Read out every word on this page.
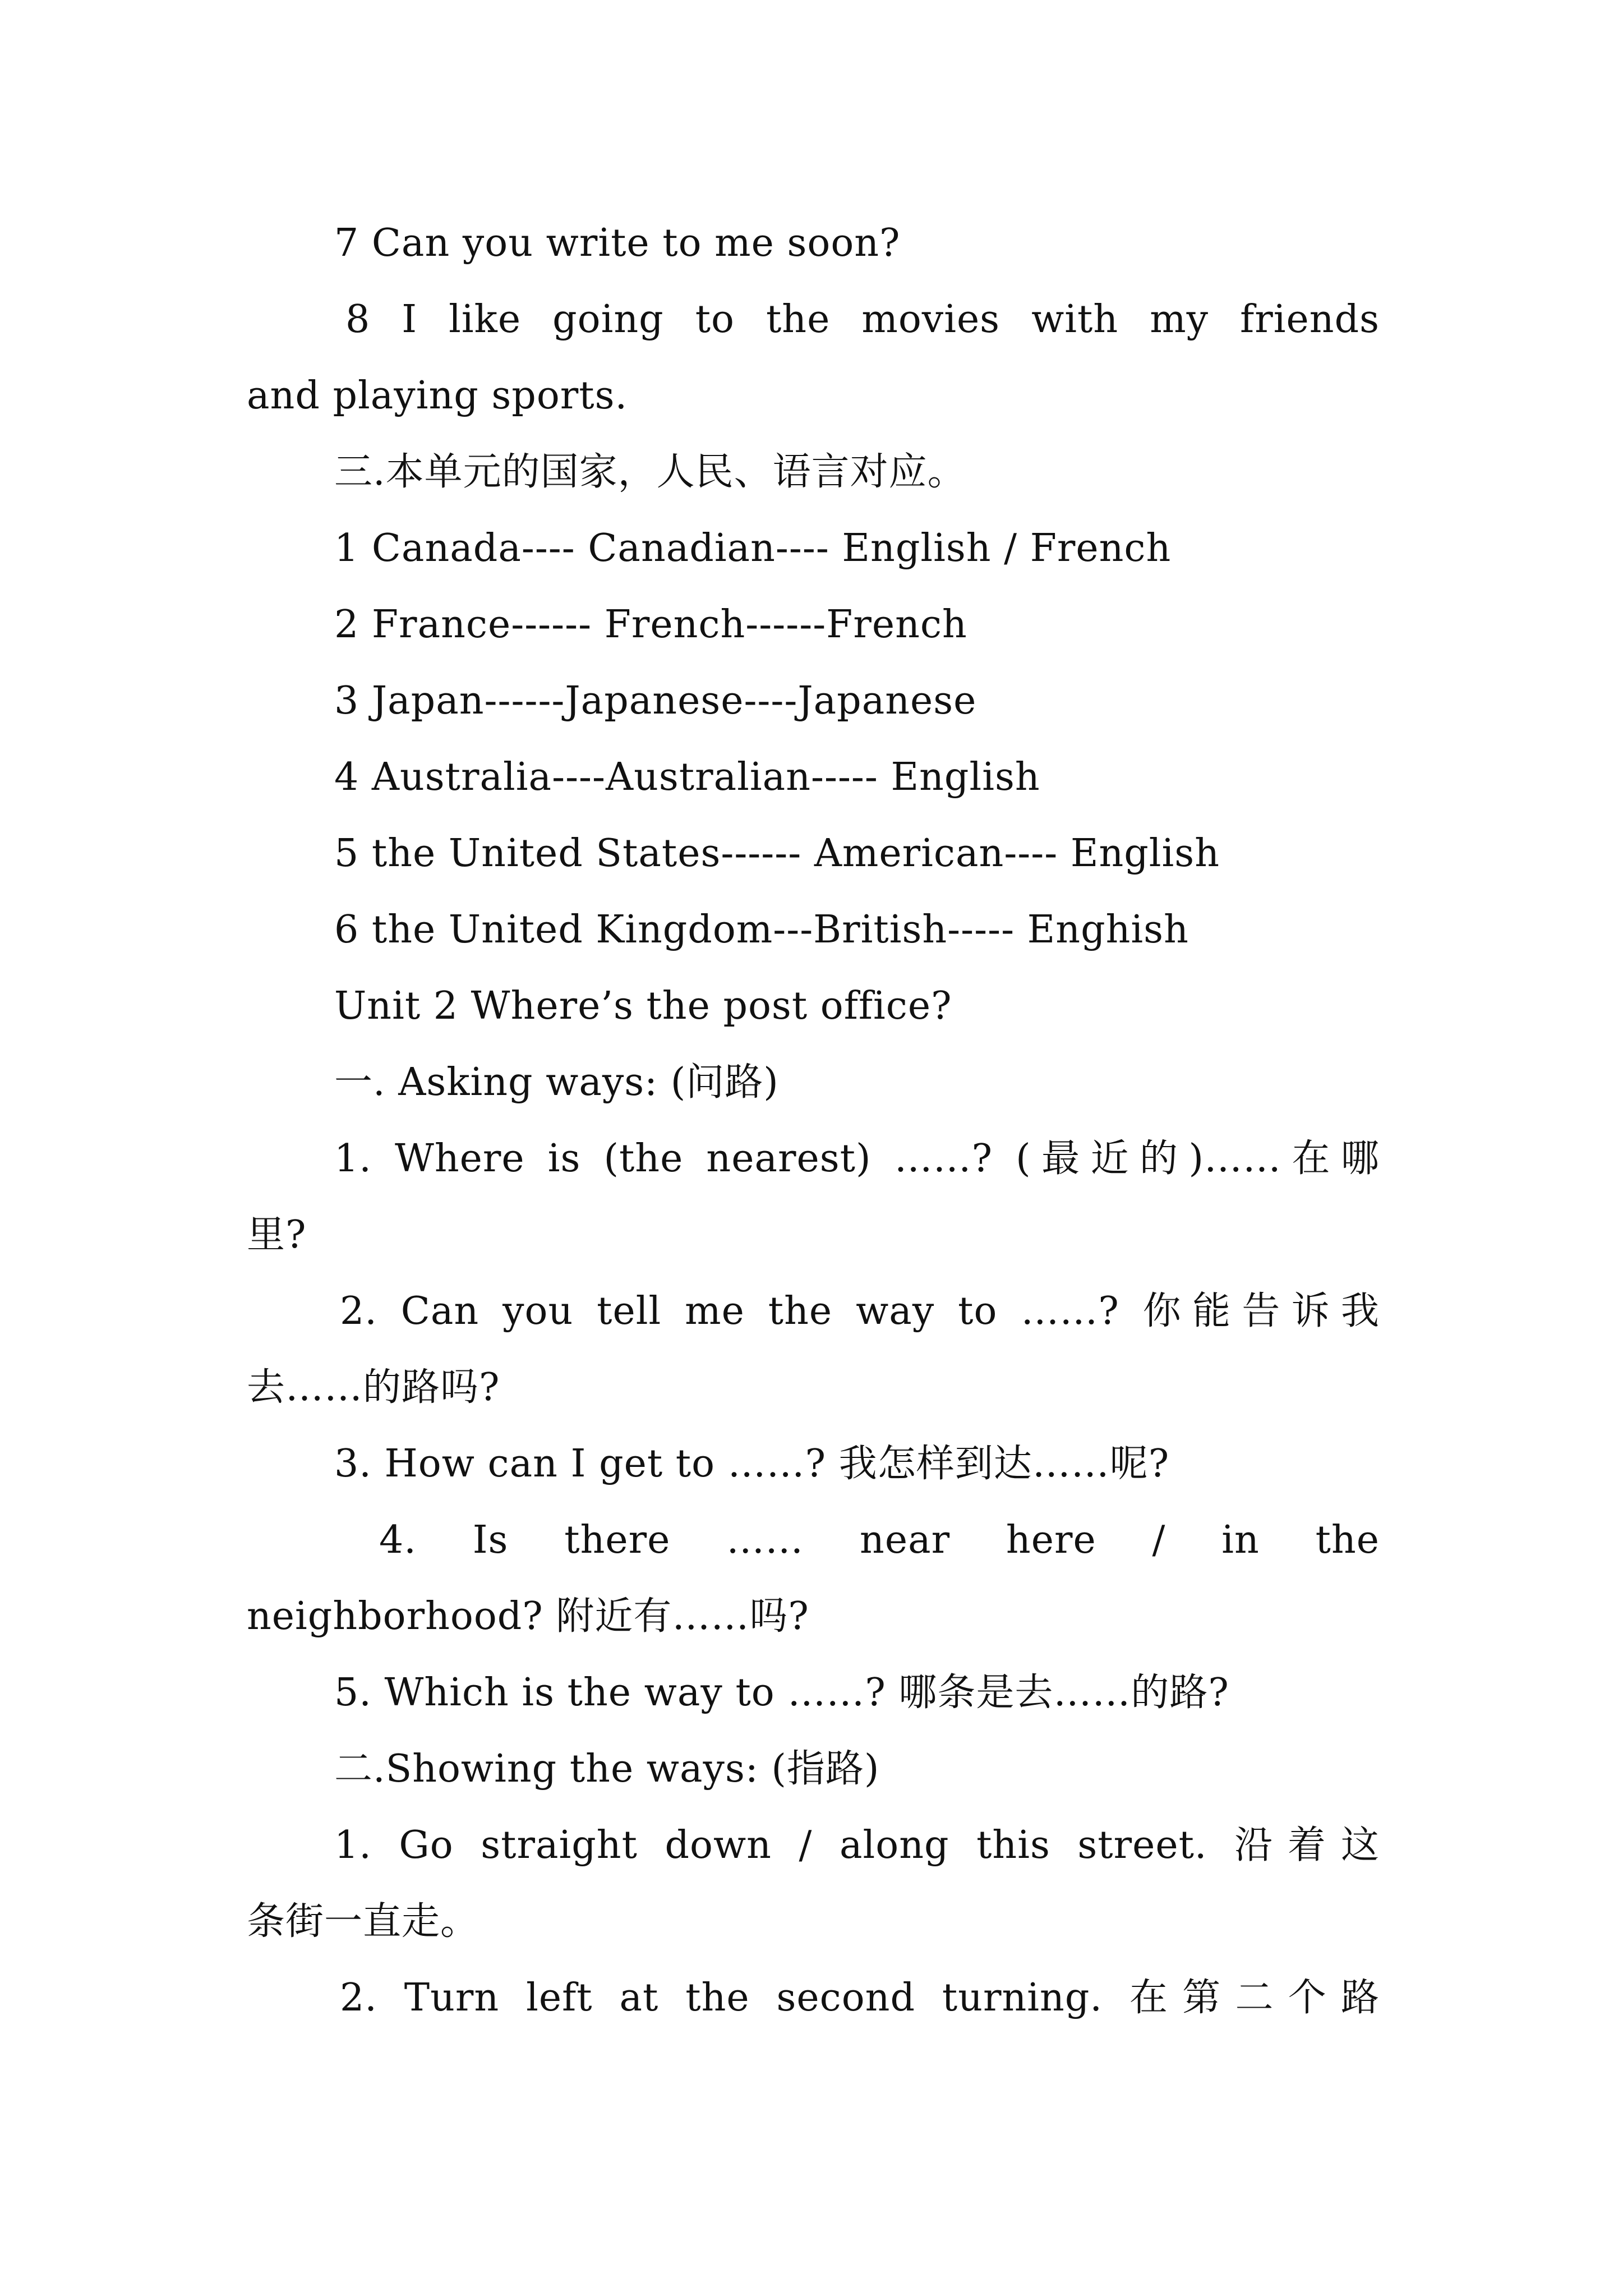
7 Can you write to me soon?
8 I like going to the movies with my friends
and playing sports.
三.本单元的国家，人民、语言对应。
1 Canada---- Canadian---- English / French
2 France------ French------French
3 Japan------Japanese----Japanese
4 Australia----Australian----- English
5 the United States------ American---- English
6 the United Kingdom---British----- Enghish
Unit 2 Where’s the post office?
一. Asking ways: (问路)
1. Where is (the nearest) ……? (最近的)……在哪
里?
2. Can you tell me the way to ……? 你能告诉我
去……的路吗?
3. How can I get to ……? 我怎样到达……呢?
4. Is there …… near here / in the
neighborhood? 附近有……吗?
5. Which is the way to ……? 哪条是去……的路?
二.Showing the ways: (指路)
1. Go straight down / along this street. 沿着这
条街一直走。
2. Turn left at the second turning. 在第二个路
